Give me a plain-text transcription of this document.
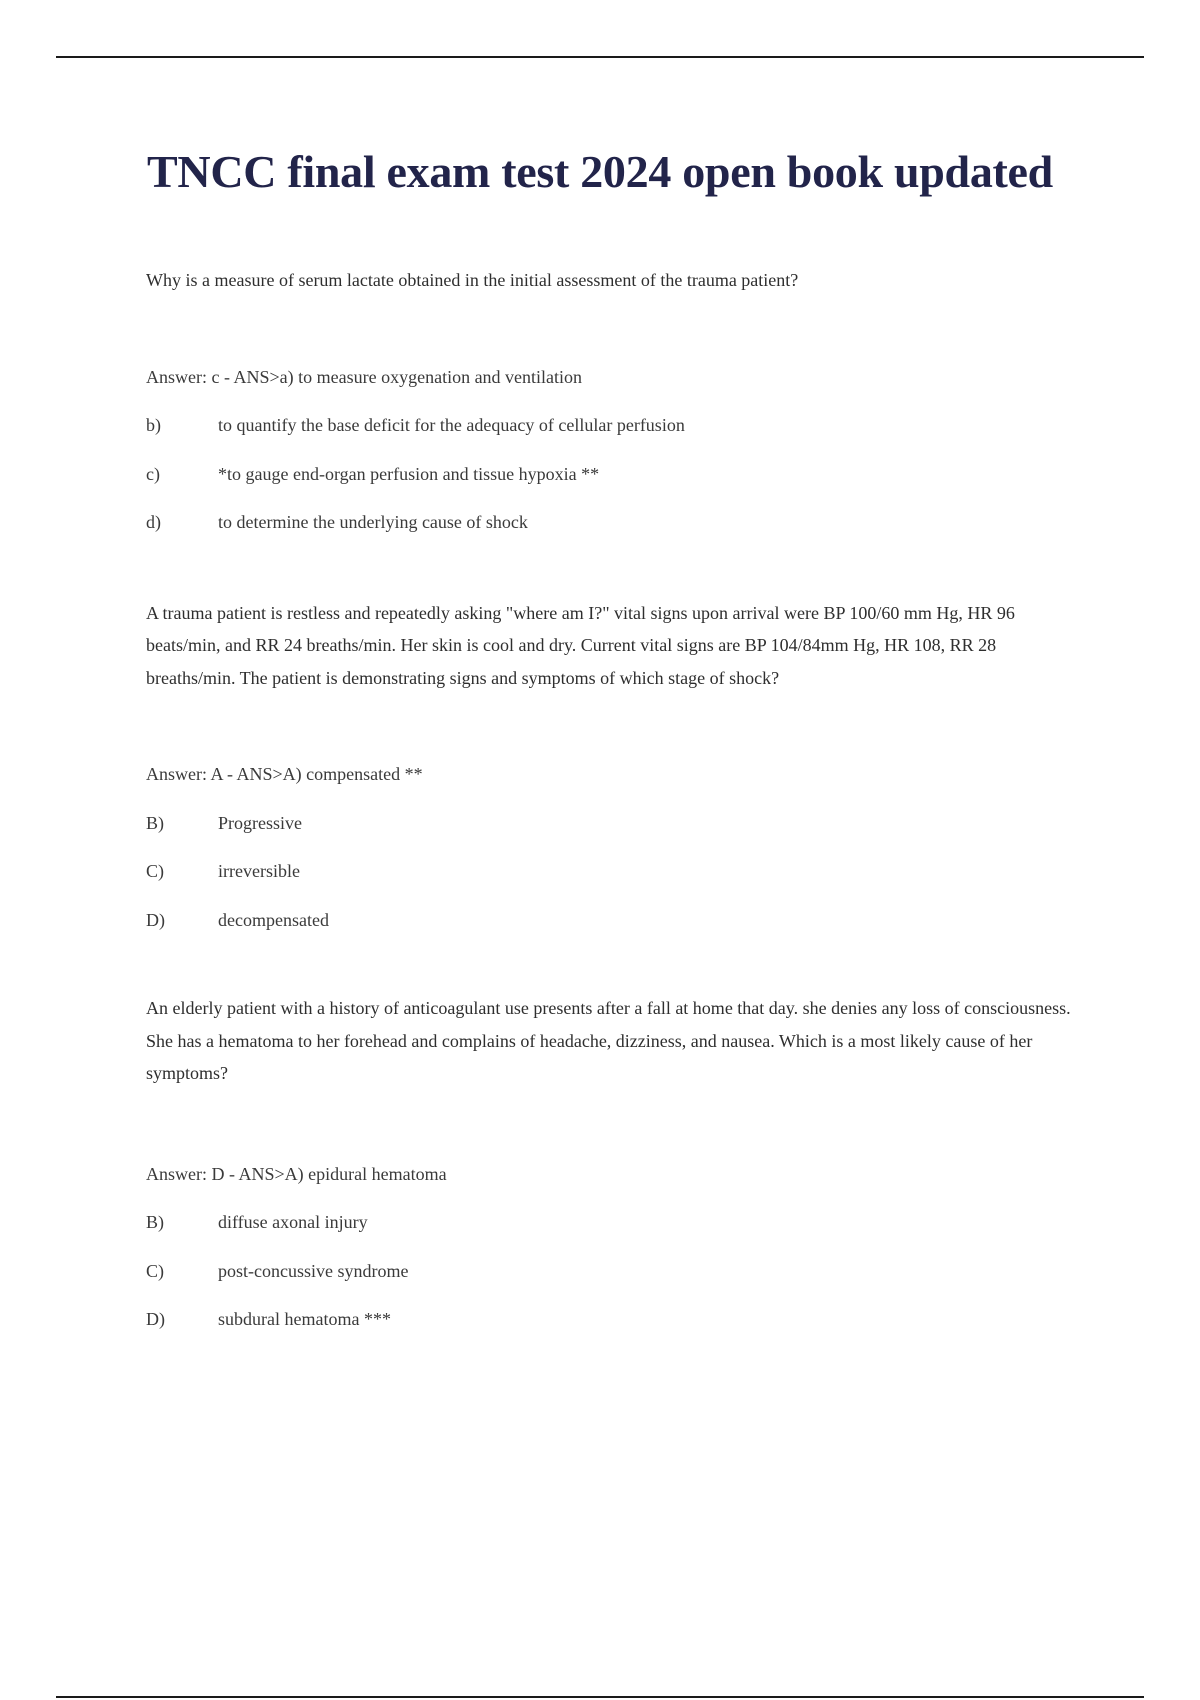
TNCC final exam test 2024 open book updated

Why is a measure of serum lactate obtained in the initial assessment of the trauma patient?

Answer: c - ANS>a) to measure oxygenation and ventilation

b)	to quantify the base deficit for the adequacy of cellular perfusion
c)	*to gauge end-organ perfusion and tissue hypoxia **
d)	to determine the underlying cause of shock

A trauma patient is restless and repeatedly asking "where am I?" vital signs upon arrival were BP 100/60 mm Hg, HR 96 beats/min, and RR 24 breaths/min. Her skin is cool and dry. Current vital signs are BP 104/84mm Hg, HR 108, RR 28 breaths/min. The patient is demonstrating signs and symptoms of which stage of shock?

Answer: A - ANS>A) compensated **

B)	Progressive
C)	irreversible
D)	decompensated

An elderly patient with a history of anticoagulant use presents after a fall at home that day. she denies any loss of consciousness. She has a hematoma to her forehead and complains of headache, dizziness, and nausea. Which is a most likely cause of her symptoms?

Answer: D - ANS>A) epidural hematoma

B)	diffuse axonal injury
C)	post-concussive syndrome
D)	subdural hematoma ***
